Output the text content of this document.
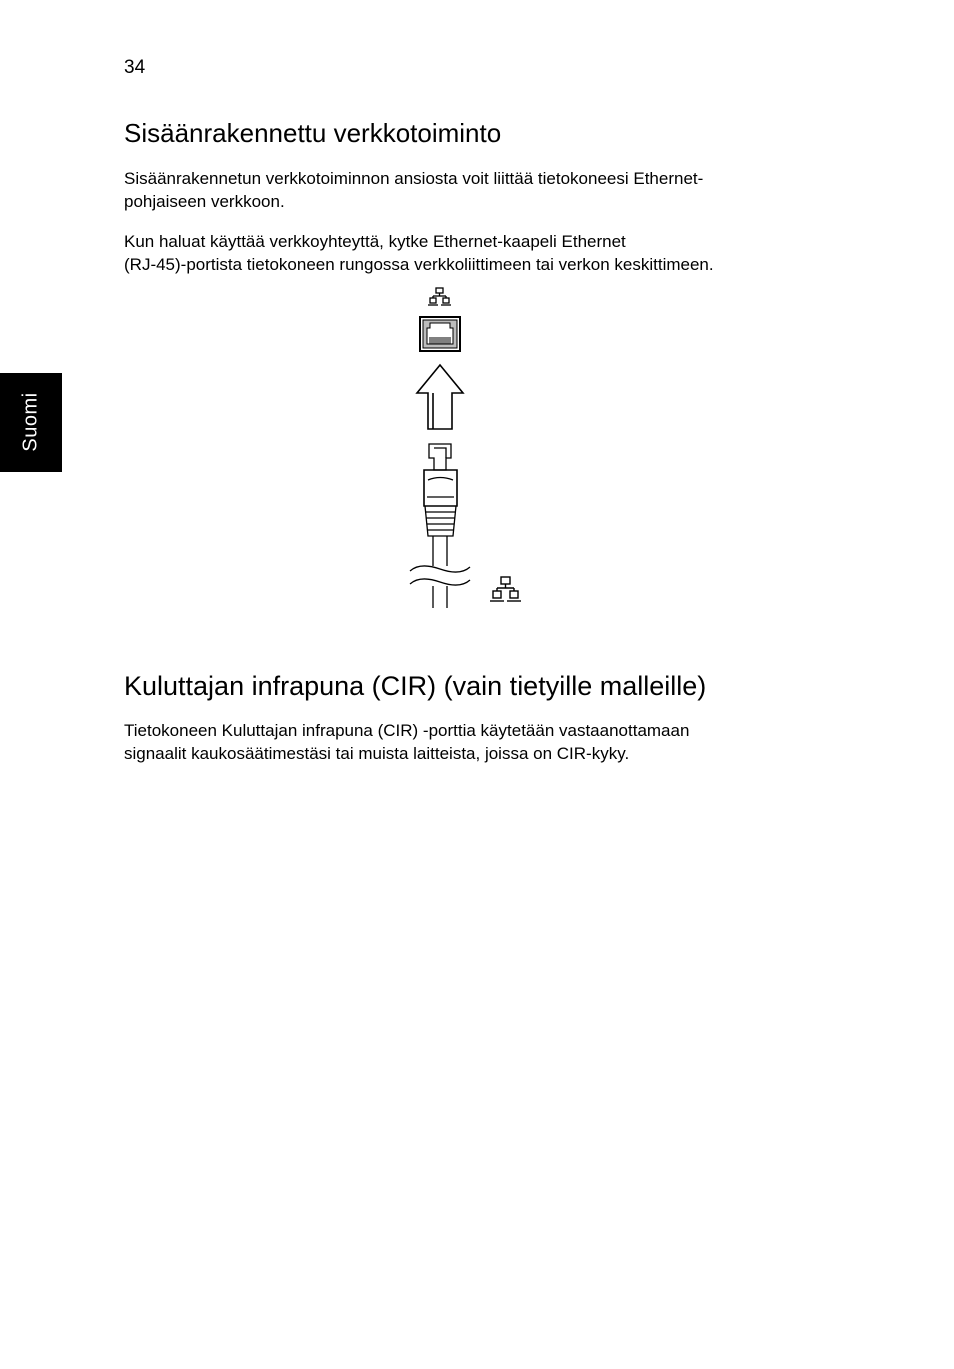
34
Suomi
Sisäänrakennettu verkkotoiminto

Sisäänrakennetun verkkotoiminnon ansiosta voit liittää tietokoneesi Ethernet-
pohjaiseen verkkoon.

Kun haluat käyttää verkkoyhteyttä, kytke Ethernet-kaapeli Ethernet
(RJ-45)-portista tietokoneen rungossa verkkoliittimeen tai verkon keskittimeen.

Kuluttajan infrapuna (CIR) (vain tietyille malleille)

Tietokoneen Kuluttajan infrapuna (CIR) -porttia käytetään vastaanottamaan
signaalit kaukosäätimestäsi tai muista laitteista, joissa on CIR-kyky.
